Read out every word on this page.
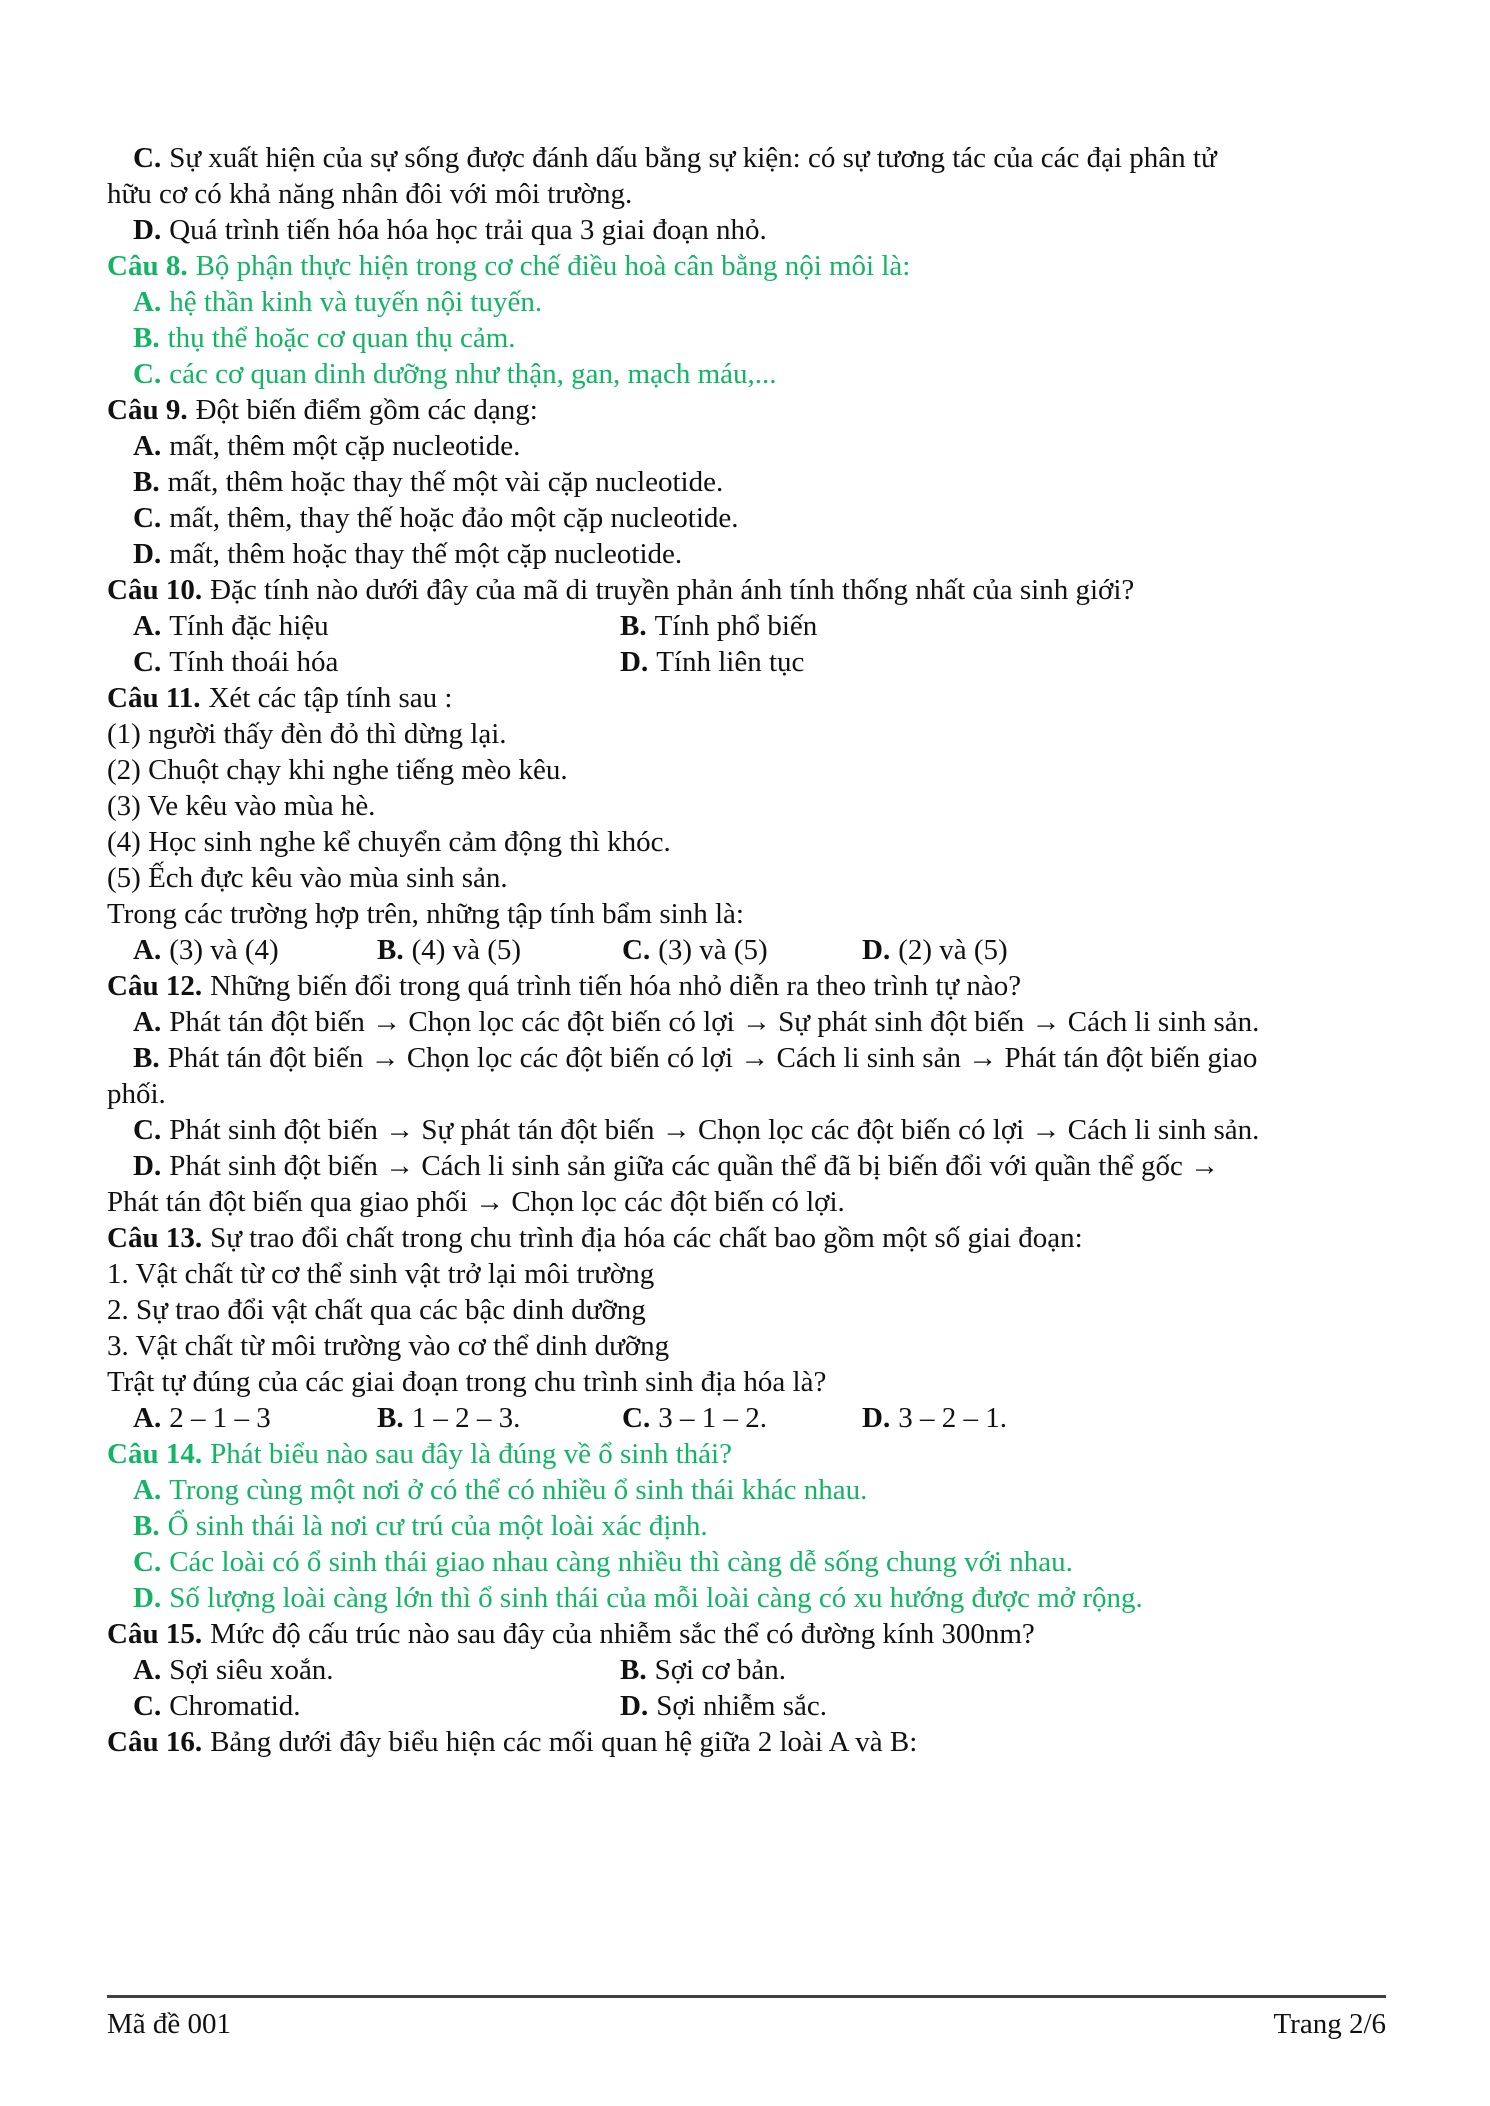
C. Sự xuất hiện của sự sống được đánh dấu bằng sự kiện: có sự tương tác của các đại phân tử
hữu cơ có khả năng nhân đôi với môi trường.
D. Quá trình tiến hóa hóa học trải qua 3 giai đoạn nhỏ.
Câu 8. Bộ phận thực hiện trong cơ chế điều hoà cân bằng nội môi là:
A. hệ thần kinh và tuyến nội tuyến.
B. thụ thể hoặc cơ quan thụ cảm.
C. các cơ quan dinh dưỡng như thận, gan, mạch máu,...
Câu 9. Đột biến điểm gồm các dạng:
A. mất, thêm một cặp nucleotide.
B. mất, thêm hoặc thay thế một vài cặp nucleotide.
C. mất, thêm, thay thế hoặc đảo một cặp nucleotide.
D. mất, thêm hoặc thay thế một cặp nucleotide.
Câu 10. Đặc tính nào dưới đây của mã di truyền phản ánh tính thống nhất của sinh giới?
A. Tính đặc hiệu	B. Tính phổ biến
C. Tính thoái hóa	D. Tính liên tục
Câu 11. Xét các tập tính sau :
(1) người thấy đèn đỏ thì dừng lại.
(2) Chuột chạy khi nghe tiếng mèo kêu.
(3) Ve kêu vào mùa hè.
(4) Học sinh nghe kể chuyển cảm động thì khóc.
(5) Ếch đực kêu vào mùa sinh sản.
Trong các trường hợp trên, những tập tính bẩm sinh là:
A. (3) và (4)	B. (4) và (5)	C. (3) và (5)	D. (2) và (5)
Câu 12. Những biến đổi trong quá trình tiến hóa nhỏ diễn ra theo trình tự nào?
A. Phát tán đột biến → Chọn lọc các đột biến có lợi → Sự phát sinh đột biến → Cách li sinh sản.
B. Phát tán đột biến → Chọn lọc các đột biến có lợi → Cách li sinh sản → Phát tán đột biến giao
phối.
C. Phát sinh đột biến → Sự phát tán đột biến → Chọn lọc các đột biến có lợi → Cách li sinh sản.
D. Phát sinh đột biến → Cách li sinh sản giữa các quần thể đã bị biến đổi với quần thể gốc →
Phát tán đột biến qua giao phối → Chọn lọc các đột biến có lợi.
Câu 13. Sự trao đổi chất trong chu trình địa hóa các chất bao gồm một số giai đoạn:
1. Vật chất từ cơ thể sinh vật trở lại môi trường
2. Sự trao đổi vật chất qua các bậc dinh dưỡng
3. Vật chất từ môi trường vào cơ thể dinh dưỡng
Trật tự đúng của các giai đoạn trong chu trình sinh địa hóa là?
A. 2 – 1 – 3	B. 1 – 2 – 3.	C. 3 – 1 – 2.	D. 3 – 2 – 1.
Câu 14. Phát biểu nào sau đây là đúng về ổ sinh thái?
A. Trong cùng một nơi ở có thể có nhiều ổ sinh thái khác nhau.
B. Ổ sinh thái là nơi cư trú của một loài xác định.
C. Các loài có ổ sinh thái giao nhau càng nhiều thì càng dễ sống chung với nhau.
D. Số lượng loài càng lớn thì ổ sinh thái của mỗi loài càng có xu hướng được mở rộng.
Câu 15. Mức độ cấu trúc nào sau đây của nhiễm sắc thể có đường kính 300nm?
A. Sợi siêu xoắn.	B. Sợi cơ bản.
C. Chromatid.	D. Sợi nhiễm sắc.
Câu 16. Bảng dưới đây biểu hiện các mối quan hệ giữa 2 loài A và B:
Mã đề 001	Trang 2/6
